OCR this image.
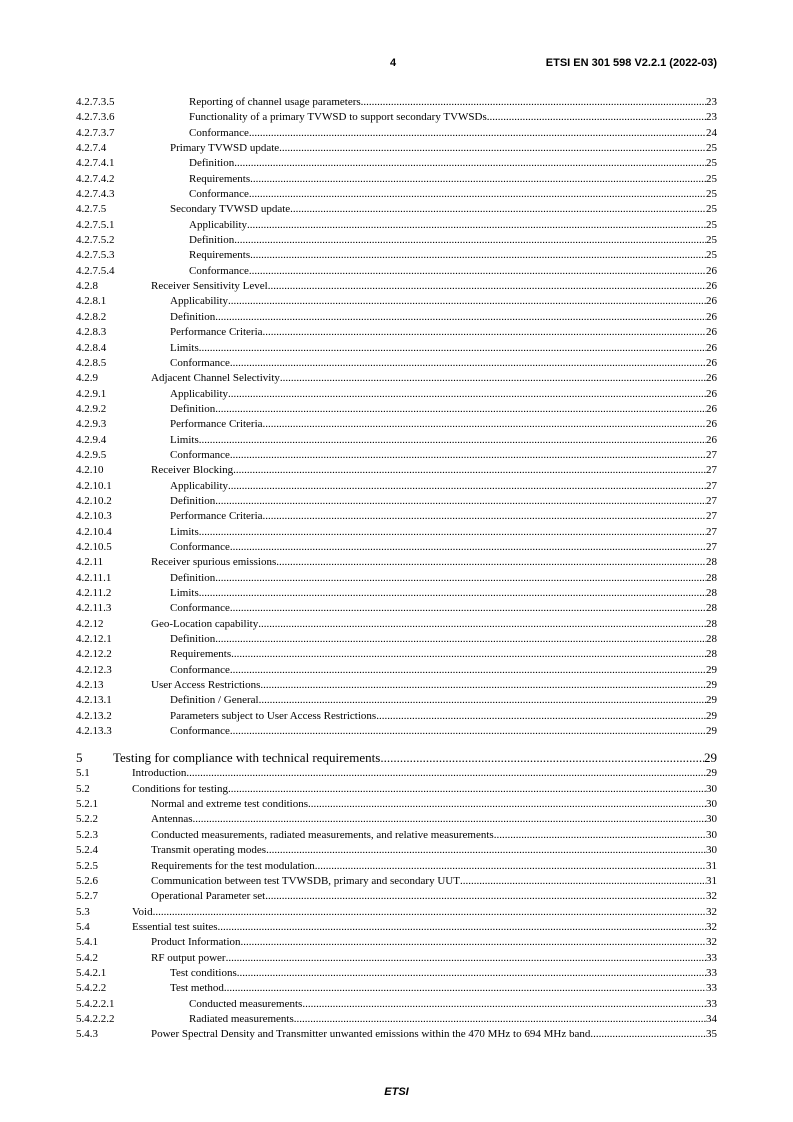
4	ETSI EN 301 598 V2.2.1 (2022-03)
4.2.7.3.5	Reporting of channel usage parameters .....	23
4.2.7.3.6	Functionality of a primary TVWSD to support secondary TVWSDs .....	23
4.2.7.3.7	Conformance .....	24
4.2.7.4	Primary TVWSD update .....	25
4.2.7.4.1	Definition .....	25
4.2.7.4.2	Requirements .....	25
4.2.7.4.3	Conformance .....	25
4.2.7.5	Secondary TVWSD update .....	25
4.2.7.5.1	Applicability .....	25
4.2.7.5.2	Definition .....	25
4.2.7.5.3	Requirements .....	25
4.2.7.5.4	Conformance .....	26
4.2.8	Receiver Sensitivity Level .....	26
4.2.8.1	Applicability .....	26
4.2.8.2	Definition .....	26
4.2.8.3	Performance Criteria .....	26
4.2.8.4	Limits .....	26
4.2.8.5	Conformance .....	26
4.2.9	Adjacent Channel Selectivity .....	26
4.2.9.1	Applicability .....	26
4.2.9.2	Definition .....	26
4.2.9.3	Performance Criteria .....	26
4.2.9.4	Limits .....	26
4.2.9.5	Conformance .....	27
4.2.10	Receiver Blocking .....	27
4.2.10.1	Applicability .....	27
4.2.10.2	Definition .....	27
4.2.10.3	Performance Criteria .....	27
4.2.10.4	Limits .....	27
4.2.10.5	Conformance .....	27
4.2.11	Receiver spurious emissions .....	28
4.2.11.1	Definition .....	28
4.2.11.2	Limits .....	28
4.2.11.3	Conformance .....	28
4.2.12	Geo-Location capability .....	28
4.2.12.1	Definition .....	28
4.2.12.2	Requirements .....	28
4.2.12.3	Conformance .....	29
4.2.13	User Access Restrictions .....	29
4.2.13.1	Definition / General .....	29
4.2.13.2	Parameters subject to User Access Restrictions .....	29
4.2.13.3	Conformance .....	29
5 Testing for compliance with technical requirements .....	29
5.1	Introduction .....	29
5.2	Conditions for testing .....	30
5.2.1	Normal and extreme test conditions .....	30
5.2.2	Antennas .....	30
5.2.3	Conducted measurements, radiated measurements, and relative measurements .....	30
5.2.4	Transmit operating modes .....	30
5.2.5	Requirements for the test modulation .....	31
5.2.6	Communication between test TVWSDB, primary and secondary UUT .....	31
5.2.7	Operational Parameter set .....	32
5.3	Void .....	32
5.4	Essential test suites .....	32
5.4.1	Product Information .....	32
5.4.2	RF output power .....	33
5.4.2.1	Test conditions .....	33
5.4.2.2	Test method .....	33
5.4.2.2.1	Conducted measurements .....	33
5.4.2.2.2	Radiated measurements .....	34
5.4.3	Power Spectral Density and Transmitter unwanted emissions within the 470 MHz to 694 MHz band .....	35
ETSI
